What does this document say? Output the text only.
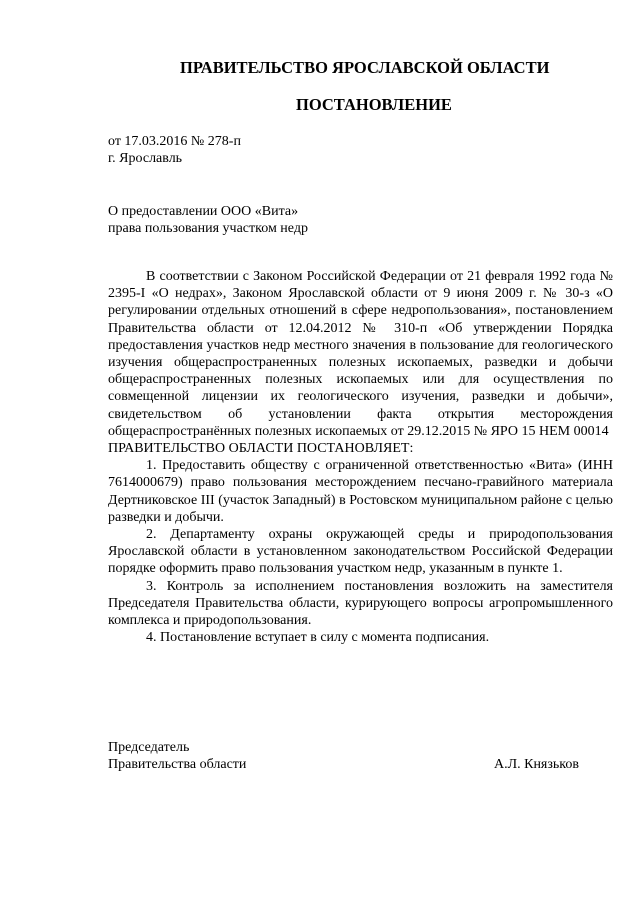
ПРАВИТЕЛЬСТВО ЯРОСЛАВСКОЙ ОБЛАСТИ
ПОСТАНОВЛЕНИЕ
от 17.03.2016 № 278-п
г. Ярославль
О предоставлении ООО «Вита»
права пользования участком недр

В соответствии с Законом Российской Федерации от 21 февраля 1992 года № 2395-I «О недрах», Законом Ярославской области от 9 июня 2009 г. № 30-з «О регулировании отдельных отношений в сфере недропользования», постановлением Правительства области от 12.04.2012 № 310-п «Об утверждении Порядка предоставления участков недр местного значения в пользование для геологического изучения общераспространенных полезных ископаемых, разведки и добычи общераспространенных полезных ископаемых или для осуществления по совмещенной лицензии их геологического изучения, разведки и добычи», свидетельством об установлении факта открытия месторождения общераспространённых полезных ископаемых от 29.12.2015 № ЯРО 15 НЕМ 00014

ПРАВИТЕЛЬСТВО ОБЛАСТИ ПОСТАНОВЛЯЕТ:

1. Предоставить обществу с ограниченной ответственностью «Вита» (ИНН 7614000679) право пользования месторождением песчано-гравийного материала Дертниковское III (участок Западный) в Ростовском муниципальном районе с целью разведки и добычи.

2. Департаменту охраны окружающей среды и природопользования Ярославской области в установленном законодательством Российской Федерации порядке оформить право пользования участком недр, указанным в пункте 1.

3. Контроль за исполнением постановления возложить на заместителя Председателя Правительства области, курирующего вопросы агропромышленного комплекса и природопользования.

4. Постановление вступает в силу с момента подписания.

Председатель
Правительства области	А.Л. Князьков
